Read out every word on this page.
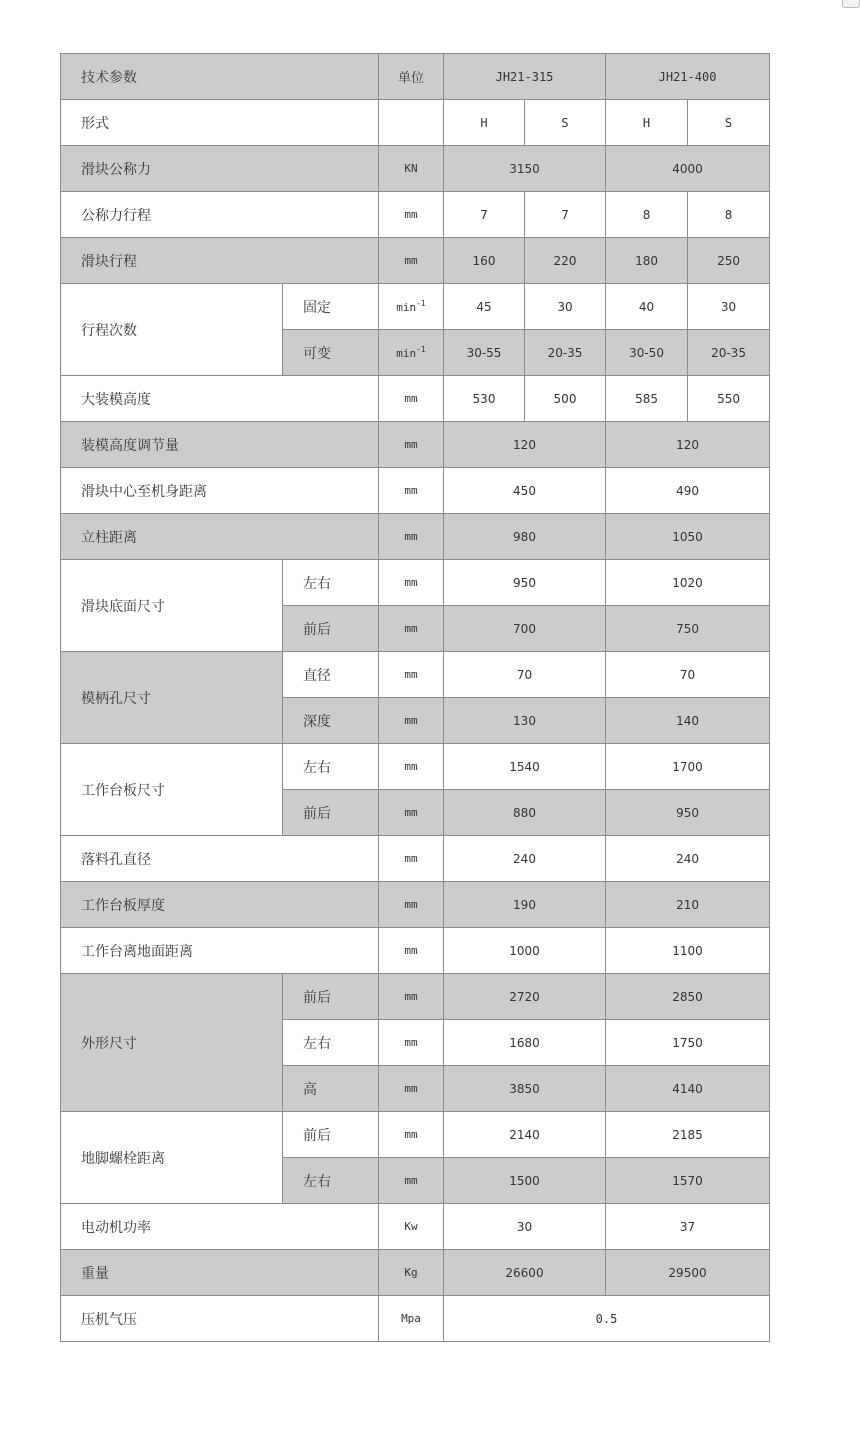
技术参数		单位	JH21-315		JH21-400	
形式			H	S	H	S
滑块公称力		KN	3150		4000	
公称力行程		mm	7	7	8	8
滑块行程		mm	160	220	180	250
行程次数	固定	$\min^{-1}$	45	30	40	30
	可变	$\min^{-1}$	30-55	20-35	30-50	20-35
大装模高度		mm	530	500	585	550
装模高度调节量		mm	120		120	
滑块中心至机身距离		mm	450		490	
立柱距离		mm	980		1050	
滑块底面尺寸	左右	mm	950		1020	
	前后	mm	700		750	
模柄孔尺寸	直径	mm	70		70	
	深度	mm	130		140	
工作台板尺寸	左右	mm	1540		1700	
	前后	mm	880		950	
落料孔直径		mm	240		240	
工作台板厚度		mm	190		210	
工作台离地面距离		mm	1000		1100	
外形尺寸	前后	mm	2720		2850	
	左右	mm	1680		1750	
	高	mm	3850		4140	
地脚螺栓距离	前后	mm	2140		2185	
	左右	mm	1500		1570	
电动机功率		Kw	30		37	
重量		Kg	26600		29500	
压机气压		Mpa	0.5			
